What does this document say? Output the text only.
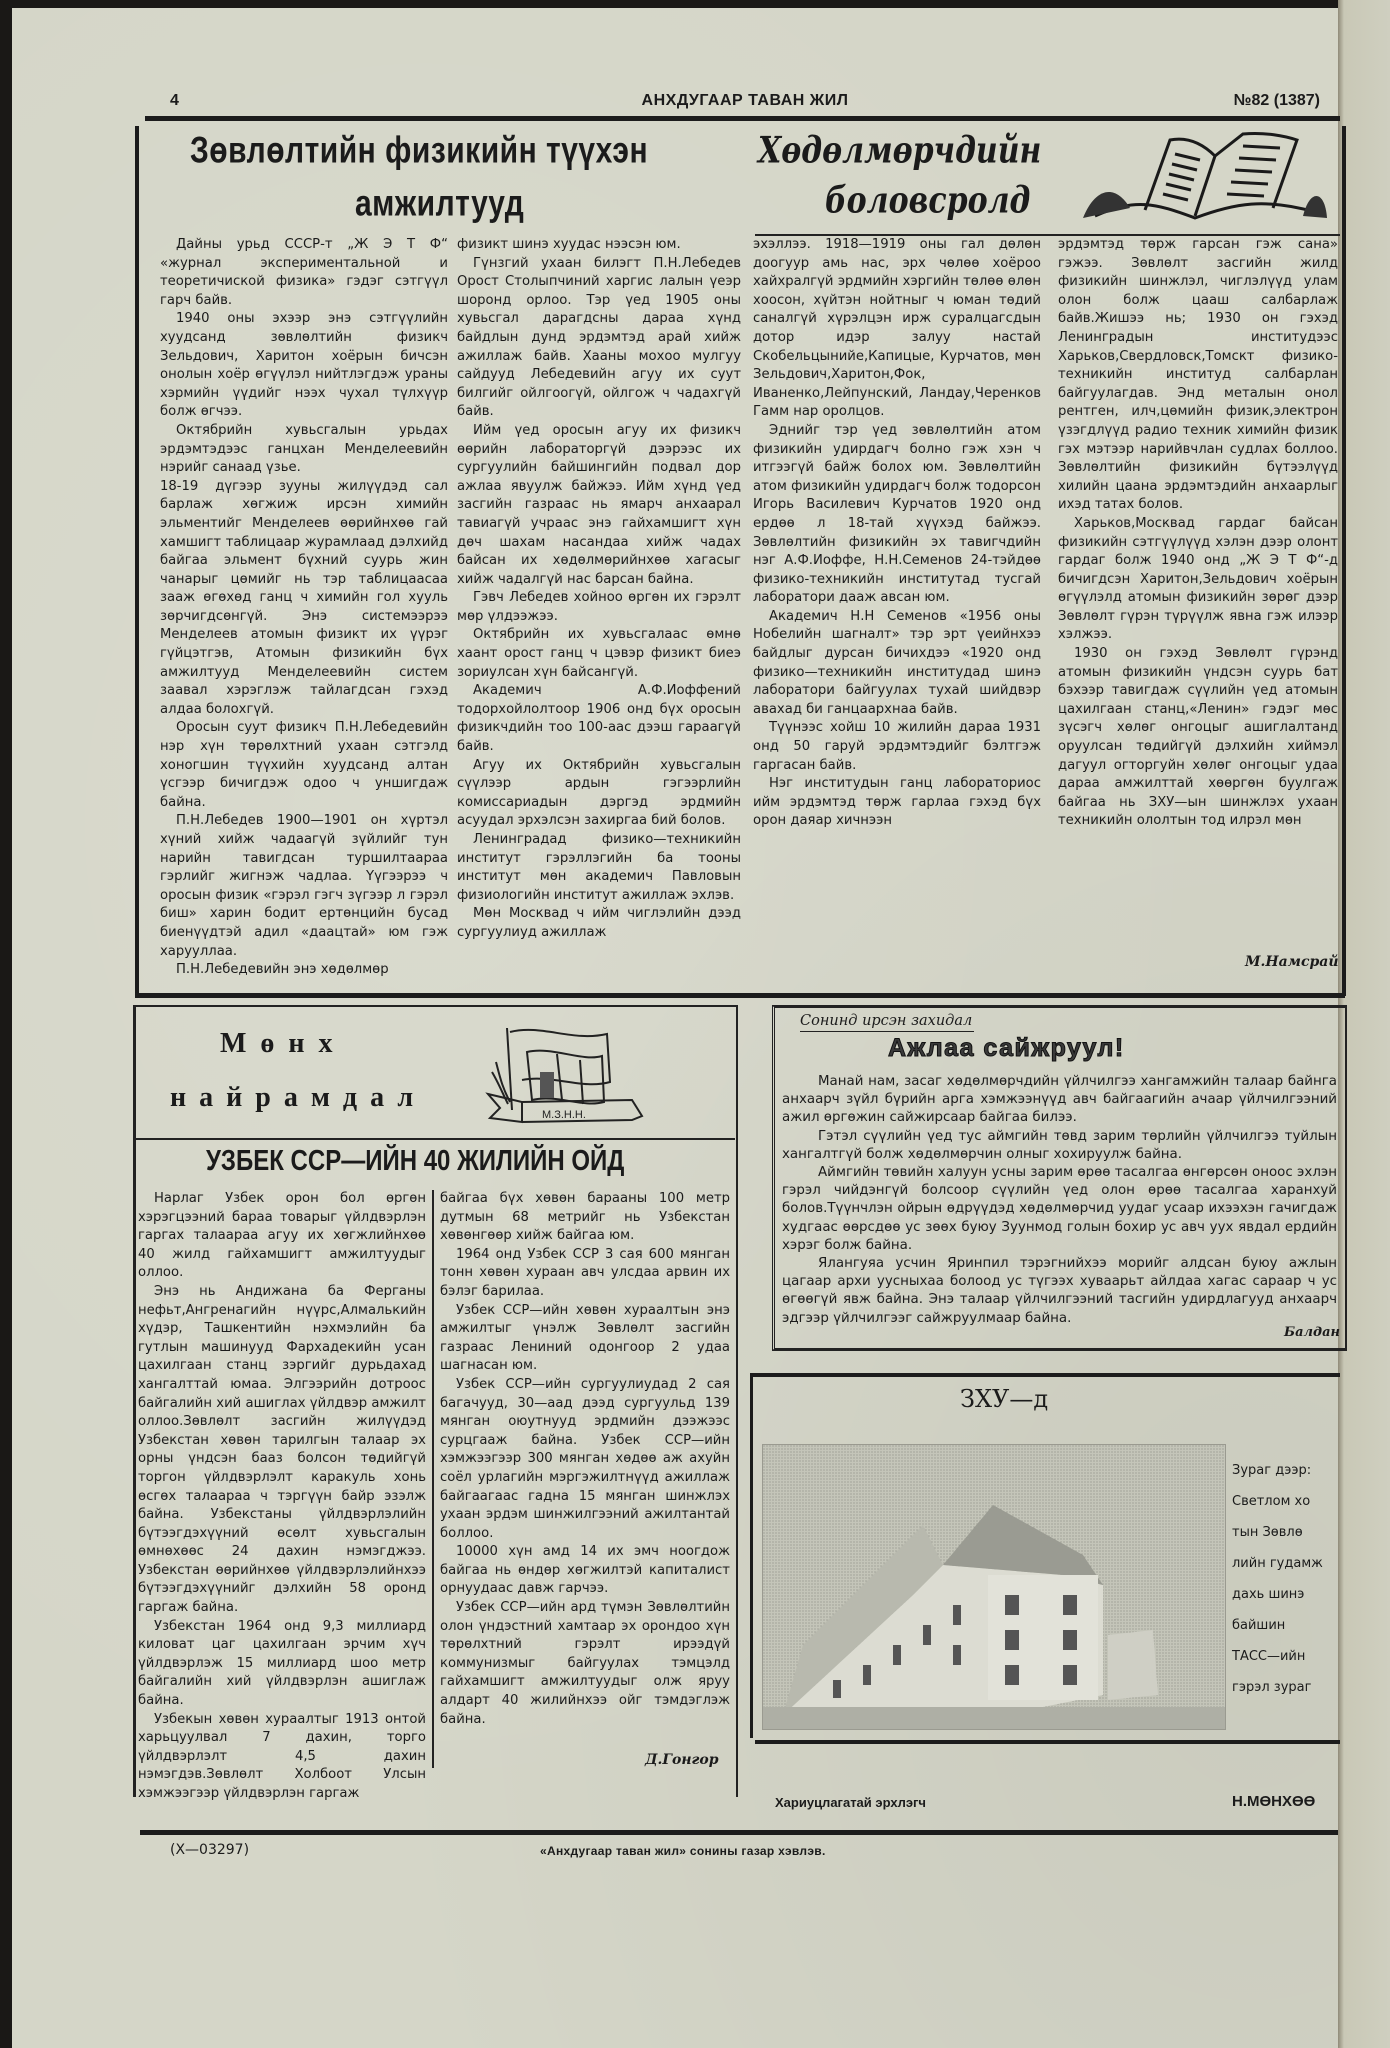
4	АНХДУГААР ТАВАН ЖИЛ	№82 (1387)
Зөвлөлтийн физикийн түүхэн
амжилтууд
Хөдөлмөрчдийн
боловсролд

Дайны урьд СССР-т „Ж Э Т Ф“ «журнал экспериментальной и теоретичиской физика» гэдэг сэтгүүл гарч байв.

1940 оны эхээр энэ сэтгүүлийн хуудсанд зөвлөлтийн физикч Зельдович, Харитон хоёрын бичсэн онолын хоёр өгүүлэл нийтлэгдэж ураны хэрмийн үүдийг нээх чухал түлхүүр болж өгчээ.

Октябрийн хувьсгалын урьдах эрдэмтэдээс ганцхан Менделеевийн нэрийг санаад үзье.

18-19 дүгээр зууны жилүүдэд сал барлаж хөгжиж ирсэн химийн эльментийг Менделеев өөрийнхөө гай хамшигт таблицаар журамлаад дэлхийд байгаа эльмент бүхний суурь жин чанарыг цөмийг нь тэр таблицаасаа зааж өгөхөд ганц ч химийн гол хууль зөрчигдсөнгүй. Энэ системээрээ Менделеев атомын физикт их үүрэг гүйцэтгэв, Атомын физикийн бүх амжилтууд Менделеевийн систем заавал хэрэглэж тайлагдсан гэхэд алдаа болохгүй.

Оросын суут физикч П.Н.Лебедевийн нэр хүн төрөлхтний ухаан сэтгэлд хоногшин түүхийн хуудсанд алтан үсгээр бичигдэж одоо ч уншигдаж байна.

П.Н.Лебедев 1900—1901 он хүртэл хүний хийж чадаагүй зүйлийг тун нарийн тавигдсан туршилтаараа гэрлийг жигнэж чадлаа. Үүгээрээ ч оросын физик «гэрэл гэгч зүгээр л гэрэл биш» харин бодит ертөнцийн бусад биенүүдтэй адил «даацтай» юм гэж харууллаа.

П.Н.Лебедевийн энэ хөдөлмөр

физикт шинэ хуудас нээсэн юм.

Гүнзгий ухаан билэгт П.Н.Лебедев Орост Столыпчиний харгис лалын үеэр шоронд орлоо. Тэр үед 1905 оны хувьсгал дарагдсны дараа хүнд байдлын дунд эрдэмтэд арай хийж ажиллаж байв. Хааны мохоо мулгуу сайдууд Лебедевийн агуу их суут билгийг ойлгоогүй, ойлгож ч чадахгүй байв.

Ийм үед оросын агуу их физикч өөрийн лабораторгүй дээрээс их сургуулийн байшингийн подвал дор ажлаа явуулж байжээ. Ийм хүнд үед засгийн газраас нь ямарч анхаарал тавиагүй учраас энэ гайхамшигт хүн дөч шахам насандаа хийж чадах байсан их хөдөлмөрийнхөө хагасыг хийж чадалгүй нас барсан байна.

Гэвч Лебедев хойноо өргөн их гэрэлт мөр үлдээжээ.

Октябрийн их хувьсгалаас өмнө хаант орост ганц ч цэвэр физикт биеэ зориулсан хүн байсангүй.

Академич А.Ф.Иоффений тодорхойлолтоор 1906 онд бүх оросын физикчдийн тоо 100-аас дээш гараагүй байв.

Агуу их Октябрийн хувьсгалын сүүлээр ардын гэгээрлийн комиссариадын дэргэд эрдмийн асуудал эрхэлсэн захиргаа бий болов.

Ленинградад физико—техникийн институт гэрэллэгийн ба тооны институт мөн академич Павловын физиологийн институт ажиллаж эхлэв.

Мөн Москвад ч ийм чиглэлийн дээд сургуулиуд ажиллаж

эхэллээ. 1918—1919 оны гал дөлөн доогуур амь нас, эрх чөлөө хоёроо хайхралгүй эрдмийн хэргийн төлөө өлөн хоосон, хүйтэн нойтныг ч юман төдий саналгүй хүрэлцэн ирж суралцагсдын дотор идэр залуу настай Скобельцынийе,Капицые, Курчатов, мөн Зельдович,Харитон,Фок, Иваненко,Лейпунский, Ландау,Черенков Гамм нар оролцов.

Эднийг тэр үед зөвлөлтийн атом физикийн удирдагч болно гэж хэн ч итгээгүй байж болох юм. Зөвлөлтийн атом физикийн удирдагч болж тодорсон Игорь Василевич Курчатов 1920 онд ердөө л 18-тай хүүхэд байжээ. Зөвлөлтийн физикийн эх тавигчдийн нэг А.Ф.Иоффе, Н.Н.Семенов 24-тэйдөө физико-техникийн институтад тусгай лаборатори дааж авсан юм.

Академич Н.Н Семенов «1956 оны Нобелийн шагналт» тэр эрт үеийнхээ байдлыг дурсан бичихдээ «1920 онд физико—техникийн институдад шинэ лаборатори байгуулах тухай шийдвэр авахад би ганцаархнаа байв.

Түүнээс хойш 10 жилийн дараа 1931 онд 50 гаруй эрдэмтэдийг бэлтгэж гаргасан байв.

Нэг институдын ганц лабораториос ийм эрдэмтэд төрж гарлаа гэхэд бүх орон даяар хичнээн

эрдэмтэд төрж гарсан гэж сана» гэжээ. Зөвлөлт засгийн жилд физикийн шинжлэл, чиглэлүүд улам олон болж цааш салбарлаж байв.Жишээ нь; 1930 он гэхэд Ленинградын институдээс Харьков,Свердловск,Томскт физико-техникийн институд салбарлан байгуулагдав. Энд металын онол рентген, илч,цөмийн физик,электрон үзэгдлүүд радио техник химийн физик гэх мэтээр нарийвчлан судлах боллоо. Зөвлөлтийн физикийн бүтээлүүд хилийн цаана эрдэмтэдийн анхаарлыг ихэд татах болов.

Харьков,Москвад гардаг байсан физикийн сэтгүүлүүд хэлэн дээр олонт гардаг болж 1940 онд „Ж Э Т Ф“-д бичигдсэн Харитон,Зельдович хоёрын өгүүлэлд атомын физикийн зөрөг дээр Зөвлөлт гүрэн түрүүлж явна гэж илээр хэлжээ.

1930 он гэхэд Зөвлөлт гүрэнд атомын физикийн үндсэн суурь бат бэхээр тавигдаж сүүлийн үед атомын цахилгаан станц,«Ленин» гэдэг мөс зүсэгч хөлөг онгоцыг ашиглалтанд оруулсан төдийгүй дэлхийн хиймэл дагуул огторгуйн хөлөг онгоцыг удаа дараа амжилттай хөөргөн буулгаж байгаа нь ЗХУ—ын шинжлэх ухаан техникийн ололтын тод илрэл мөн

М.Намсрай
Мөнх
найрамдал
М.З.Н.Н.
УЗБЕК ССР—ИЙН 40 ЖИЛИЙН ОЙД

Нарлаг Узбек орон бол өргөн хэрэгцээний бараа товарыг үйлдвэрлэн гаргах талаараа агуу их хөгжлийнхөө 40 жилд гайхамшигт амжилтуудыг оллоо.

Энэ нь Андижана ба Ферганы нефьт,Ангренагийн нүүрс,Алмалькийн хүдэр, Ташкентийн нэхмэлийн ба гутлын машинууд Фархадекийн усан цахилгаан станц зэргийг дурьдахад хангалттай юмаа. Элгээрийн дотроос байгалийн хий ашиглах үйлдвэр амжилт оллоо.Зөвлөлт засгийн жилүүдэд Узбекстан хөвөн тарилгын талаар эх орны үндсэн бааз болсон төдийгүй торгон үйлдвэрлэлт каракуль хонь өсгөх талаараа ч тэргүүн байр эзэлж байна. Узбекстаны үйлдвэрлэлийн бүтээгдэхүүний өсөлт хувьсгалын өмнөхөөс 24 дахин нэмэгджээ. Узбекстан өөрийнхөө үйлдвэрлэлийнхээ бүтээгдэхүүнийг дэлхийн 58 оронд гаргаж байна.

Узбекстан 1964 онд 9,3 миллиард киловат цаг цахилгаан эрчим хүч үйлдвэрлэж 15 миллиард шоо метр байгалийн хий үйлдвэрлэн ашиглаж байна.

Узбекын хөвөн хураалтыг 1913 онтой харьцуулвал 7 дахин, торго үйлдвэрлэлт 4,5 дахин нэмэгдэв.Зөвлөлт Холбоот Улсын хэмжээгээр үйлдвэрлэн гаргаж

байгаа бүх хөвөн барааны 100 метр дутмын 68 метрийг нь Узбекстан хөвөнгөөр хийж байгаа юм.

1964 онд Узбек ССР 3 сая 600 мянган тонн хөвөн хураан авч улсдаа арвин их бэлэг барилаа.

Узбек ССР—ийн хөвөн хураалтын энэ амжилтыг үнэлж Зөвлөлт засгийн газраас Лениний одонгоор 2 удаа шагнасан юм.

Узбек ССР—ийн сургуулиудад 2 сая багачууд, 30—аад дээд сургуульд 139 мянган оюутнууд эрдмийн дээжээс сурцгааж байна. Узбек ССР—ийн хэмжээгээр 300 мянган хөдөө аж ахуйн соёл урлагийн мэргэжилтнүүд ажиллаж байгаагаас гадна 15 мянган шинжлэх ухаан эрдэм шинжилгээний ажилтантай боллоо.

10000 хүн амд 14 их эмч ноогдож байгаа нь өндөр хөгжилтэй капиталист орнуудаас давж гарчээ.

Узбек ССР—ийн ард түмэн Зөвлөлтийн олон үндэстний хамтаар эх орондоо хүн төрөлхтний гэрэлт ирээдүй коммунизмыг байгуулах тэмцэлд гайхамшигт амжилтуудыг олж яруу алдарт 40 жилийнхээ ойг тэмдэглэж байна.

Д.Гонгор
Сонинд ирсэн захидал
Ажлаа сайжруул!

Манай нам, засаг хөдөлмөрчдийн үйлчилгээ хангамжийн талаар байнга анхаарч зүйл бүрийн арга хэмжээнүүд авч байгаагийн ачаар үйлчилгээний ажил өргөжин сайжирсаар байгаа билээ.

Гэтэл сүүлийн үед тус аймгийн төвд зарим төрлийн үйлчилгээ туйлын хангалтгүй болж хөдөлмөрчин олныг хохируулж байна.

Аймгийн төвийн халуун усны зарим өрөө тасалгаа өнгөрсөн оноос эхлэн гэрэл чийдэнгүй болсоор сүүлийн үед олон өрөө тасалгаа харанхуй болов.Түүнчлэн ойрын өдрүүдэд хөдөлмөрчид уудаг усаар ихээхэн гачигдаж худгаас өөрсдөө ус зөөх буюу Зуунмод голын бохир ус авч уух явдал ердийн хэрэг болж байна.

Ялангуяа усчин Яринпил тэрэгнийхээ морийг алдсан буюу ажлын цагаар архи уусныхаа болоод ус түгээх хуваарьт айлдаа хагас сараар ч ус өгөөгүй явж байна. Энэ талаар үйлчилгээний тасгийн удирдлагууд анхаарч эдгээр үйлчилгээг сайжруулмаар байна.

Балдан
ЗХУ—д
Зураг дээр:
Светлом хо
тын Зөвлө
лийн гудамж
дахь шинэ
байшин
ТАСС—ийн
гэрэл зураг
Хариуцлагатай эрхлэгч	Н.МӨНХӨӨ
(Х—03297)	«Анхдугаар таван жил» сонины газар хэвлэв.
